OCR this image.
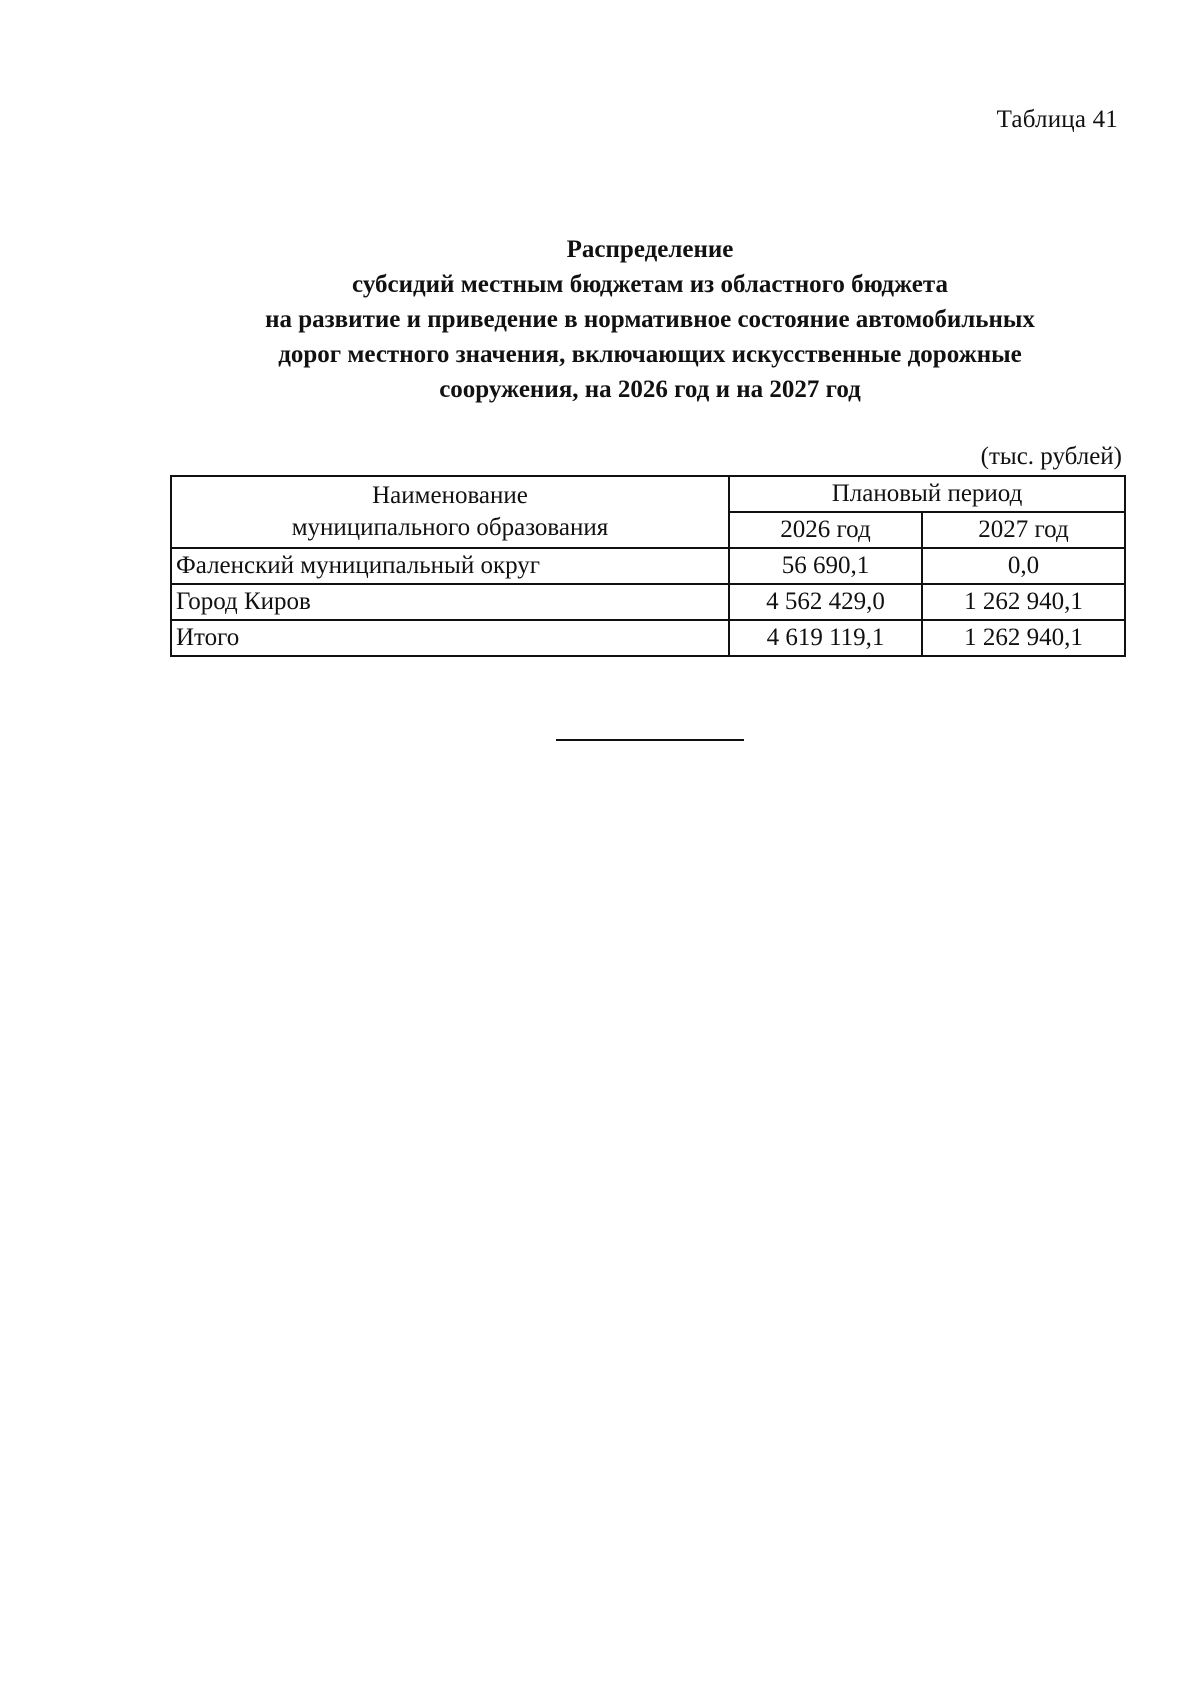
Таблица 41
Распределение
субсидий местным бюджетам из областного бюджета
на развитие и приведение в нормативное состояние автомобильных
дорог местного значения, включающих искусственные дорожные
сооружения, на 2026 год и на 2027 год
(тыс. рублей)
Наименование
муниципального образования	Плановый период	
	2026 год	2027 год
Фаленский муниципальный округ	56 690,1	0,0
Город Киров	4 562 429,0	1 262 940,1
Итого	4 619 119,1	1 262 940,1
